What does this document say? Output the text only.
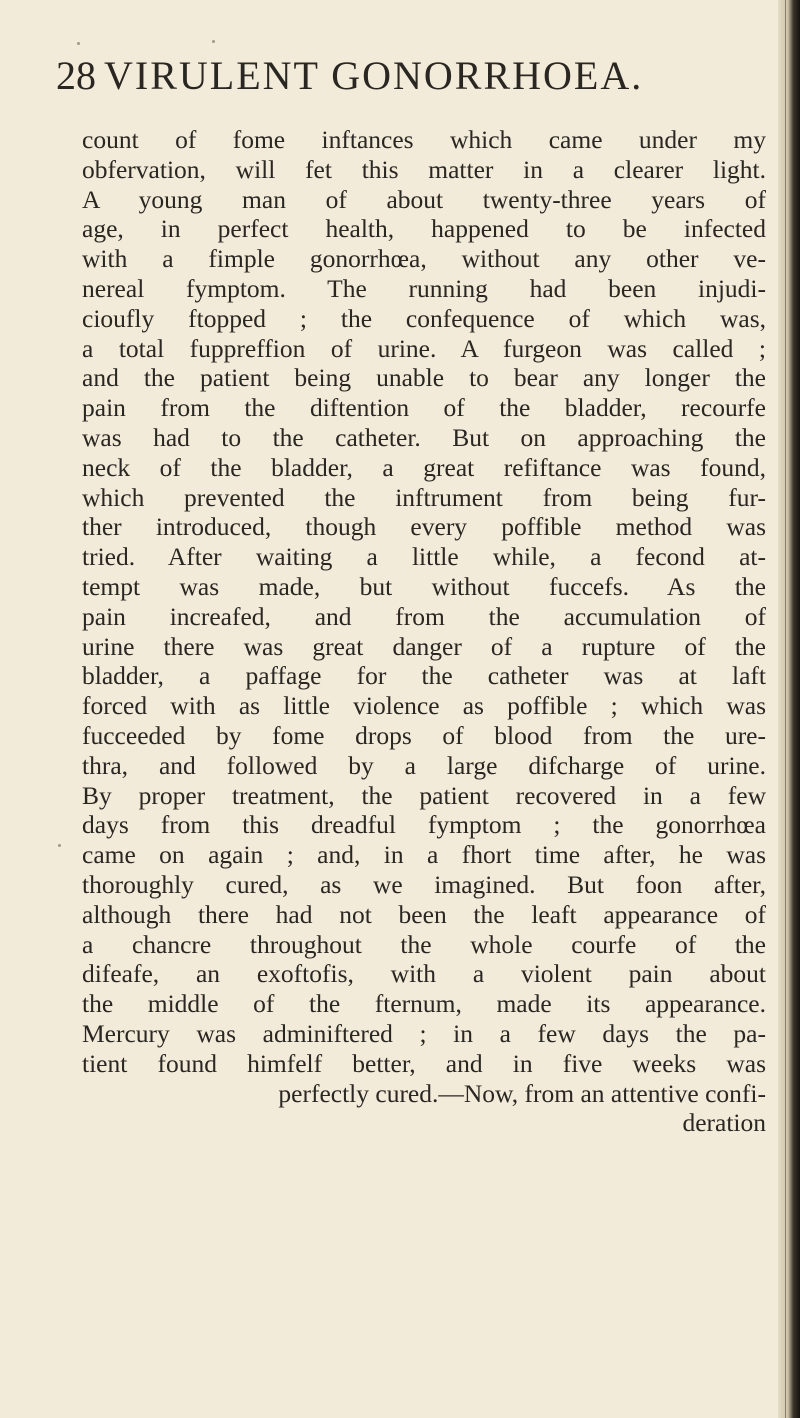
28 VIRULENT GONORRHOEA.
count of fome inftances which came under my
obfervation, will fet this matter in a clearer light.
A young man of about twenty-three years of
age, in perfect health, happened to be infected
with a fimple gonorrhœa, without any other ve-
nereal fymptom. The running had been injudi-
cioufly ftopped ; the confequence of which was,
a total fuppreffion of urine. A furgeon was called ;
and the patient being unable to bear any longer the
pain from the diftention of the bladder, recourfe
was had to the catheter. But on approaching the
neck of the bladder, a great refiftance was found,
which prevented the inftrument from being fur-
ther introduced, though every poffible method was
tried. After waiting a little while, a fecond at-
tempt was made, but without fuccefs. As the
pain increafed, and from the accumulation of
urine there was great danger of a rupture of the
bladder, a paffage for the catheter was at laft
forced with as little violence as poffible ; which was
fucceeded by fome drops of blood from the ure-
thra, and followed by a large difcharge of urine.
By proper treatment, the patient recovered in a few
days from this dreadful fymptom ; the gonorrhœa
came on again ; and, in a fhort time after, he was
thoroughly cured, as we imagined. But foon after,
although there had not been the leaft appearance of
a chancre throughout the whole courfe of the
difeafe, an exoftofis, with a violent pain about
the middle of the fternum, made its appearance.
Mercury was adminiftered ; in a few days the pa-
tient found himfelf better, and in five weeks was
perfectly cured.—Now, from an attentive confi-
deration
